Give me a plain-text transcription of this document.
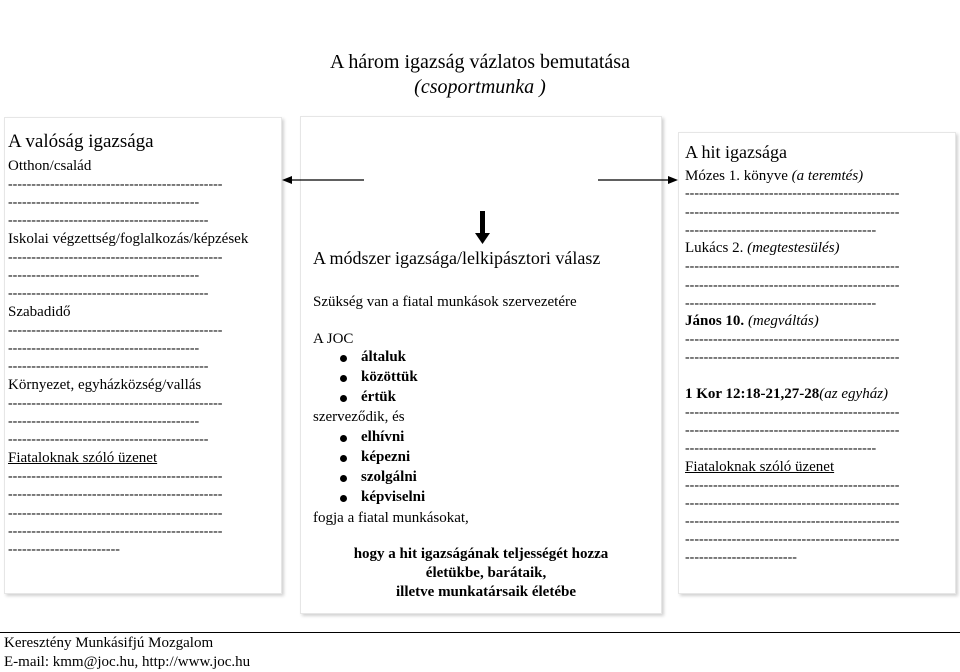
A három igazság vázlatos bemutatása
(csoportmunka )
A valóság igazsága
Otthon/család
----------------------------------------------
-----------------------------------------
-------------------------------------------
Iskolai végzettség/foglalkozás/képzések
----------------------------------------------
-----------------------------------------
-------------------------------------------
Szabadidő
----------------------------------------------
-----------------------------------------
-------------------------------------------
Környezet, egyházközség/vallás
----------------------------------------------
-----------------------------------------
-------------------------------------------
Fiataloknak szóló üzenet
----------------------------------------------
----------------------------------------------
----------------------------------------------
----------------------------------------------
------------------------
A módszer igazsága/lelkipásztori válasz
Szükség van a fiatal munkások szervezetére
A JOC
általuk
közöttük
értük
szerveződik, és
elhívni
képezni
szolgálni
képviselni
fogja a fiatal munkásokat,
hogy a hit igazságának teljességét hozza
életükbe, barátaik,
illetve munkatársaik életébe
A hit igazsága
Mózes 1. könyve (a teremtés)
----------------------------------------------
----------------------------------------------
-----------------------------------------
Lukács 2. (megtestesülés)
----------------------------------------------
----------------------------------------------
-----------------------------------------
János 10. (megváltás)
----------------------------------------------
----------------------------------------------
1 Kor 12:18-21,27-28(az egyház)
----------------------------------------------
----------------------------------------------
-----------------------------------------
Fiataloknak szóló üzenet
----------------------------------------------
----------------------------------------------
----------------------------------------------
----------------------------------------------
------------------------
Keresztény Munkásifjú Mozgalom
E-mail: kmm@joc.hu, http://www.joc.hu
